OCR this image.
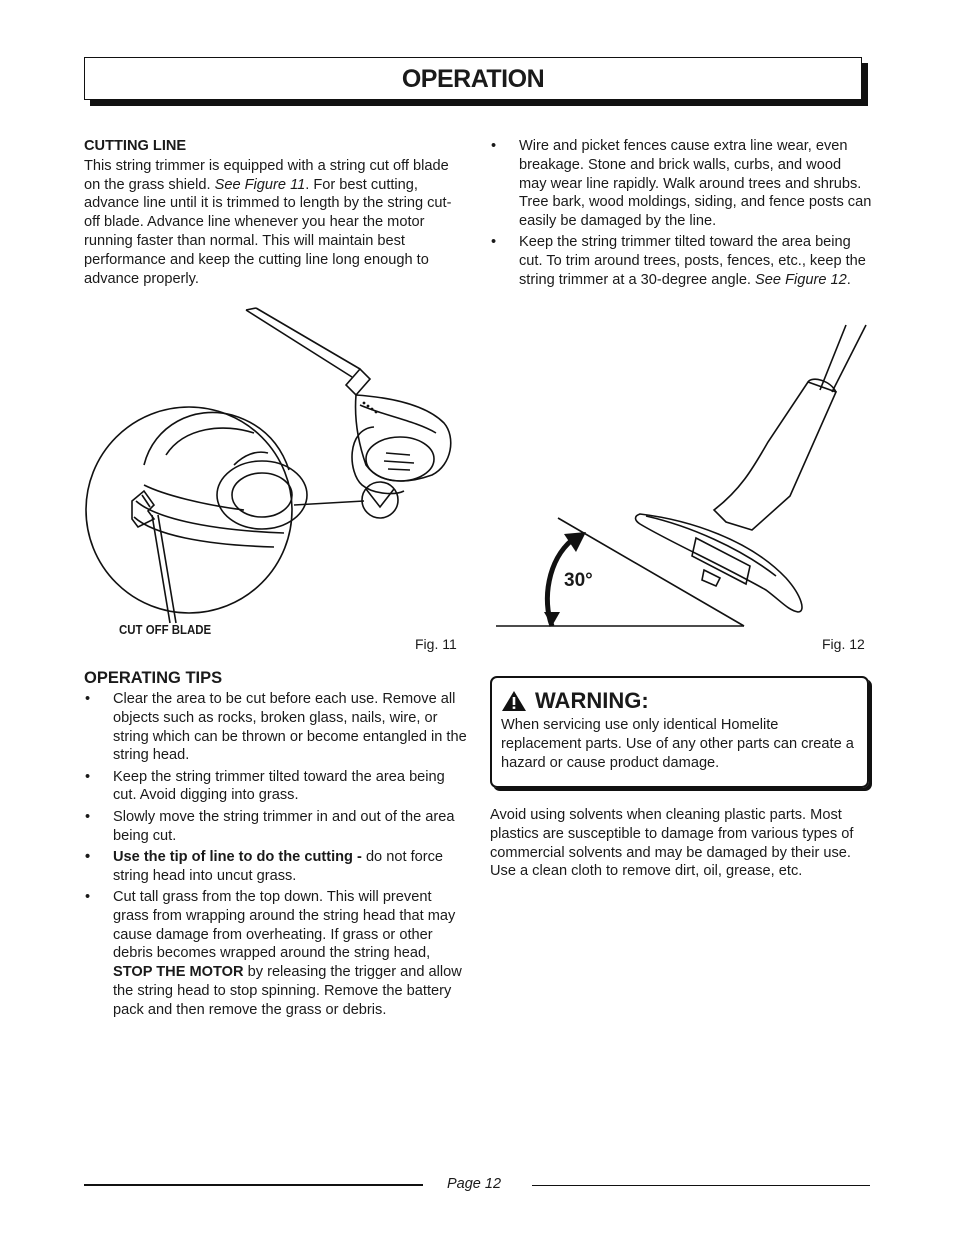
OPERATION
CUTTING LINE

This string trimmer is equipped with a string cut off blade on the grass shield. See Figure 11. For best cutting, advance line until it is trimmed to length by the string cut-off blade. Advance line whenever you hear the motor running faster than normal. This will maintain best performance and keep the cutting line long enough to advance properly.

CUT OFF BLADE
Fig. 11
OPERATING TIPS
• Clear the area to be cut before each use. Remove all objects such as rocks, broken glass, nails, wire, or string which can be thrown or become entangled in the string head.
• Keep the string trimmer tilted toward the area being cut. Avoid digging into grass.
• Slowly move the string trimmer in and out of the area being cut.
• Use the tip of line to do the cutting - do not force string head into uncut grass.
• Cut tall grass from the top down. This will prevent grass from wrapping around the string head that may cause damage from overheating. If grass or other debris becomes wrapped around the string head, STOP THE MOTOR by releasing the trigger and allow the string head to stop spinning. Remove the battery pack and then remove the grass or debris.
• Wire and picket fences cause extra line wear, even breakage. Stone and brick walls, curbs, and wood may wear line rapidly. Walk around trees and shrubs. Tree bark, wood moldings, siding, and fence posts can easily be damaged by the line.
• Keep the string trimmer tilted toward the area being cut. To trim around trees, posts, fences, etc., keep the string trimmer at a 30-degree angle. See Figure 12.
30°
Fig. 12
WARNING:

When servicing use only identical Homelite replacement parts. Use of any other parts can create a hazard or cause product damage.

Avoid using solvents when cleaning plastic parts. Most plastics are susceptible to damage from various types of commercial solvents and may be damaged by their use. Use a clean cloth to remove dirt, oil, grease, etc.

Page 12
